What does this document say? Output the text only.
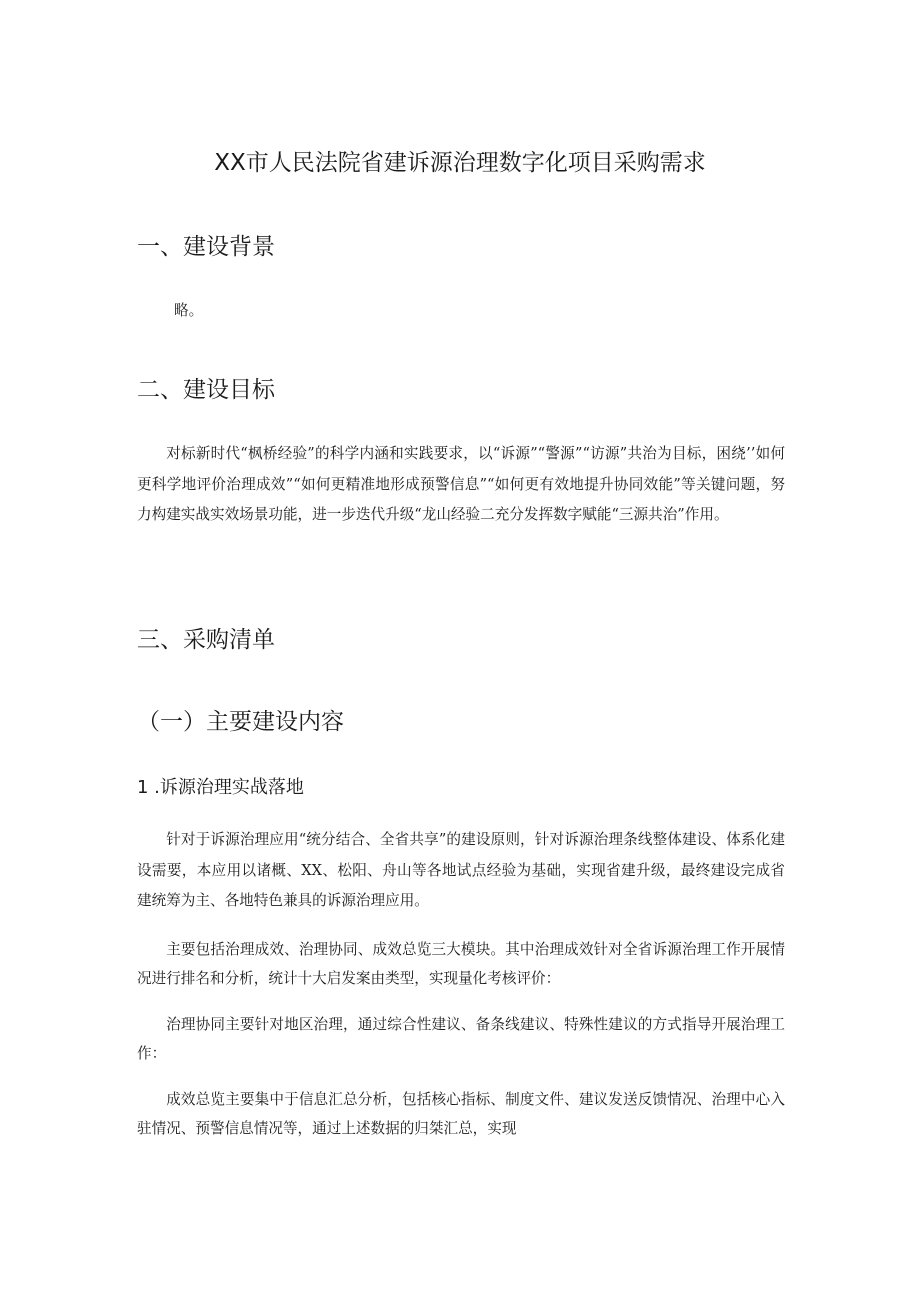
XX市人民法院省建诉源治理数字化项目采购需求
一、建设背景
略。
二、建设目标

对标新时代“枫桥经验”的科学内涵和实践要求，以“诉源”“警源”“访源”共治为目标，困绕’’如何更科学地评价治理成效”“如何更精准地形成预警信息”“如何更有效地提升协同效能”等关键问题，努力构建实战实效场景功能，进一步迭代升级“龙山经验二充分发挥数字赋能“三源共治”作用。

三、采购清单
（一）主要建设内容
1 .诉源治理实战落地

针对于诉源治理应用“统分结合、全省共享”的建设原则，针对诉源治理条线整体建设、体系化建设需要，本应用以诸概、XX、松阳、舟山等各地试点经验为基础，实现省建升级，最终建设完成省建统筹为主、各地特色兼具的诉源治理应用。

主要包括治理成效、治理协同、成效总览三大模块。其中治理成效针对全省诉源治理工作开展情况进行排名和分析，统计十大启发案由类型，实现量化考核评价：

治理协同主要针对地区治理，通过综合性建议、备条线建议、特殊性建议的方式指导开展治理工作：

成效总览主要集中于信息汇总分析，包括核心指标、制度文件、建议发送反馈情况、治理中心入驻情况、预警信息情况等，通过上述数据的归桀汇总，实现
